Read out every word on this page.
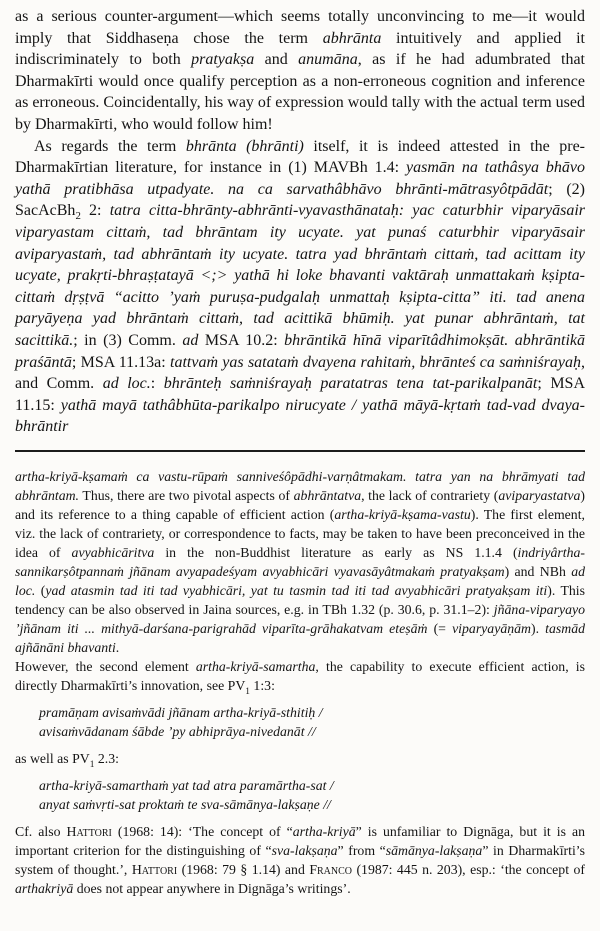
as a serious counter-argument—which seems totally unconvincing to me—it would imply that Siddhaseṇa chose the term abhrānta intuitively and applied it indiscriminately to both pratyakṣa and anumāna, as if he had adumbrated that Dharmakīrti would once qualify perception as a non-erroneous cognition and inference as erroneous. Coincidentally, his way of expression would tally with the actual term used by Dharmakīrti, who would follow him!

As regards the term bhrānta (bhrānti) itself, it is indeed attested in the pre-Dharmakīrtian literature, for instance in (1) MAVBh 1.4: yasmān na tathâsya bhāvo yathā pratibhāsa utpadyate. na ca sarvathâbhāvo bhrānti-mātrasyôtpādāt; (2) SacAcBh$_2$ 2: tatra citta-bhrānty-abhrānti-vyavasthānataḥ: yac caturbhir viparyāsair viparyastam cittaṁ, tad bhrāntam ity ucyate. yat punaś caturbhir viparyāsair aviparyastaṁ, tad abhrāntaṁ ity ucyate. tatra yad bhrāntaṁ cittaṁ, tad acittam ity ucyate, prakṛti-bhraṣṭatayā <;> yathā hi loke bhavanti vaktāraḥ unmattakaṁ kṣipta-cittaṁ dṛṣṭvā “acitto ’yaṁ puruṣa-pudgalaḥ unmattaḥ kṣipta-citta” iti. tad anena paryāyeṇa yad bhrāntaṁ cittaṁ, tad acittikā bhūmiḥ. yat punar abhrāntaṁ, tat sacittikā.; in (3) Comm. ad MSA 10.2: bhrāntikā hīnā viparītâdhimokṣāt. abhrāntikā praśāntā; MSA 11.13a: tattvaṁ yas satataṁ dvayena rahitaṁ, bhrānteś ca saṁniśrayaḥ, and Comm. ad loc.: bhrānteḥ saṁniśrayaḥ paratatras tena tat-parikalpanāt; MSA 11.15: yathā mayā tathâbhūta-parikalpo nirucyate / yathā māyā-kṛtaṁ tad-vad dvaya-bhrāntir

artha-kriyā-kṣamaṁ ca vastu-rūpaṁ sanniveśôpādhi-varṇâtmakam. tatra yan na bhrāmyati tad abhrāntam. Thus, there are two pivotal aspects of abhrāntatva, the lack of contrariety (aviparyastatva) and its reference to a thing capable of efficient action (artha-kriyā-kṣama-vastu). The first element, viz. the lack of contrariety, or correspondence to facts, may be taken to have been preconceived in the idea of avyabhicāritva in the non-Buddhist literature as early as NS 1.1.4 (indriyârtha-sannikarṣôtpannaṁ jñānam avyapadeśyam avyabhicāri vyavasāyâtmakaṁ pratyakṣam) and NBh ad loc. (yad atasmin tad iti tad vyabhicāri, yat tu tasmin tad iti tad avyabhicāri pratyakṣam iti). This tendency can be also observed in Jaina sources, e.g. in TBh 1.32 (p. 30.6, p. 31.1–2): jñāna-viparyayo ’jñānam iti ... mithyā-darśana-parigrahād viparīta-grāhakatvam eteṣāṁ (= viparyayāṇām). tasmād ajñānāni bhavanti.

However, the second element artha-kriyā-samartha, the capability to execute efficient action, is directly Dharmakīrti’s innovation, see $PV_1$ 1:3:

pramāṇam avisaṁvādi jñānam artha-kriyā-sthitiḥ /
avisaṁvādanam śābde ’py abhiprāya-nivedanāt //

as well as $PV_1$ 2.3:

artha-kriyā-samarthaṁ yat tad atra paramārtha-sat /
anyat saṁvṛti-sat proktaṁ te sva-sāmānya-lakṣaṇe //

Cf. also Hattori (1968: 14): ‘The concept of “artha-kriyā” is unfamiliar to Dignāga, but it is an important criterion for the distinguishing of “sva-lakṣaṇa” from “sāmānya-lakṣaṇa” in Dharmakīrti’s system of thought.’, Hattori (1968: 79 § 1.14) and Franco (1987: 445 n. 203), esp.: ‘the concept of arthakriyā does not appear anywhere in Dignāga’s writings’.
